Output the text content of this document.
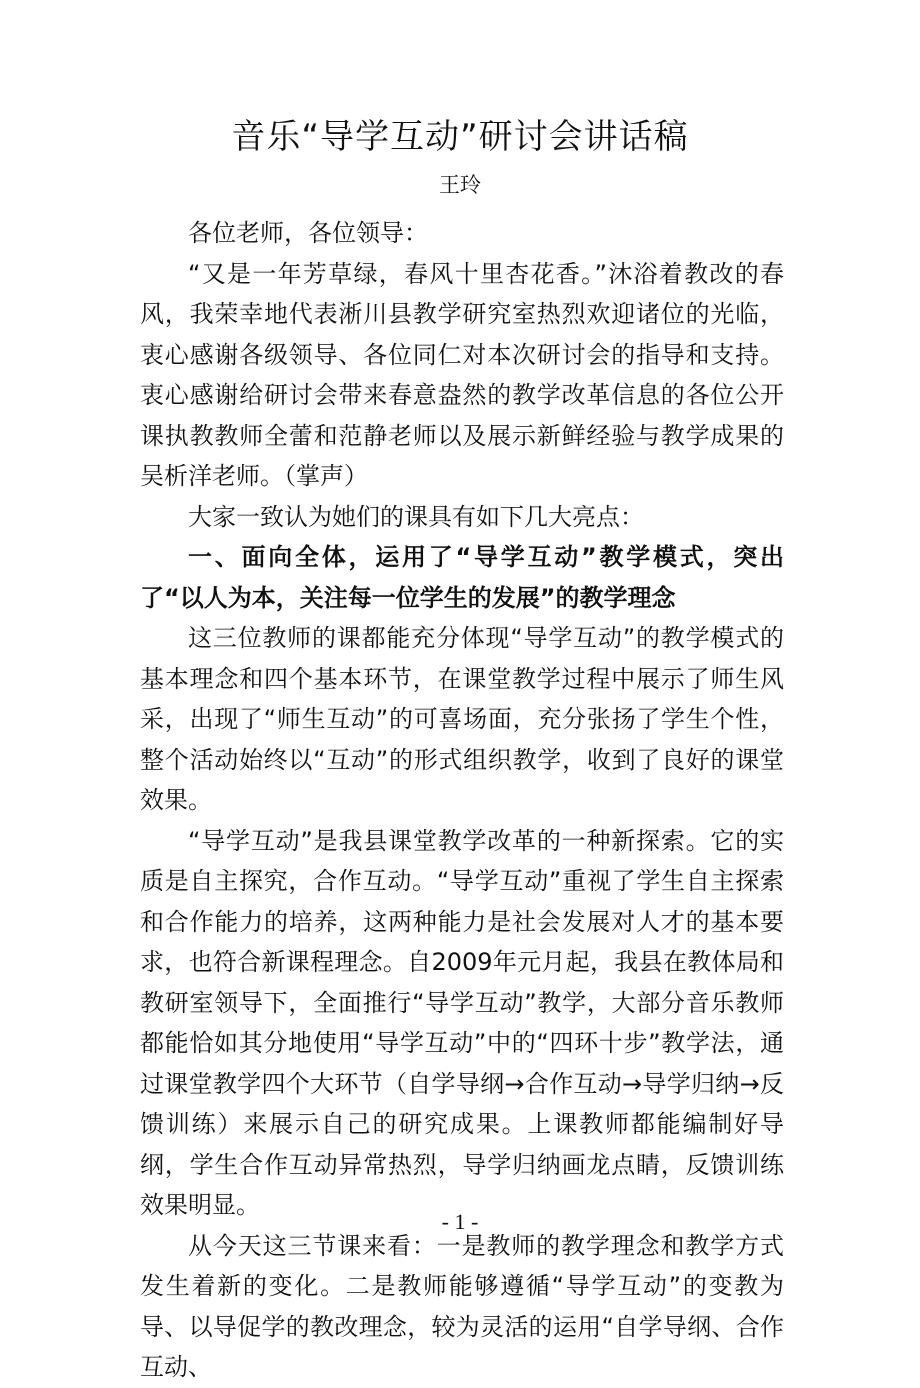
音乐“导学互动”研讨会讲话稿
王玲

各位老师，各位领导：

“又是一年芳草绿，春风十里杏花香。”沐浴着教改的春风，我荣幸地代表淅川县教学研究室热烈欢迎诸位的光临，衷心感谢各级领导、各位同仁对本次研讨会的指导和支持。衷心感谢给研讨会带来春意盎然的教学改革信息的各位公开课执教教师全蕾和范静老师以及展示新鲜经验与教学成果的吴析洋老师。（掌声）

大家一致认为她们的课具有如下几大亮点：

一、面向全体，运用了“导学互动”教学模式，突出了“以人为本，关注每一位学生的发展”的教学理念

这三位教师的课都能充分体现“导学互动”的教学模式的基本理念和四个基本环节，在课堂教学过程中展示了师生风采，出现了“师生互动”的可喜场面，充分张扬了学生个性，整个活动始终以“互动”的形式组织教学，收到了良好的课堂效果。

“导学互动”是我县课堂教学改革的一种新探索。它的实质是自主探究，合作互动。“导学互动”重视了学生自主探索和合作能力的培养，这两种能力是社会发展对人才的基本要求，也符合新课程理念。自2009年元月起，我县在教体局和教研室领导下，全面推行“导学互动”教学，大部分音乐教师都能恰如其分地使用“导学互动”中的“四环十步”教学法，通过课堂教学四个大环节（自学导纲→合作互动→导学归纳→反馈训练）来展示自己的研究成果。上课教师都能编制好导纲，学生合作互动异常热烈，导学归纳画龙点睛，反馈训练效果明显。

从今天这三节课来看：一是教师的教学理念和教学方式发生着新的变化。二是教师能够遵循“导学互动”的变教为导、以导促学的教改理念，较为灵活的运用“自学导纲、合作互动、

- 1 -
